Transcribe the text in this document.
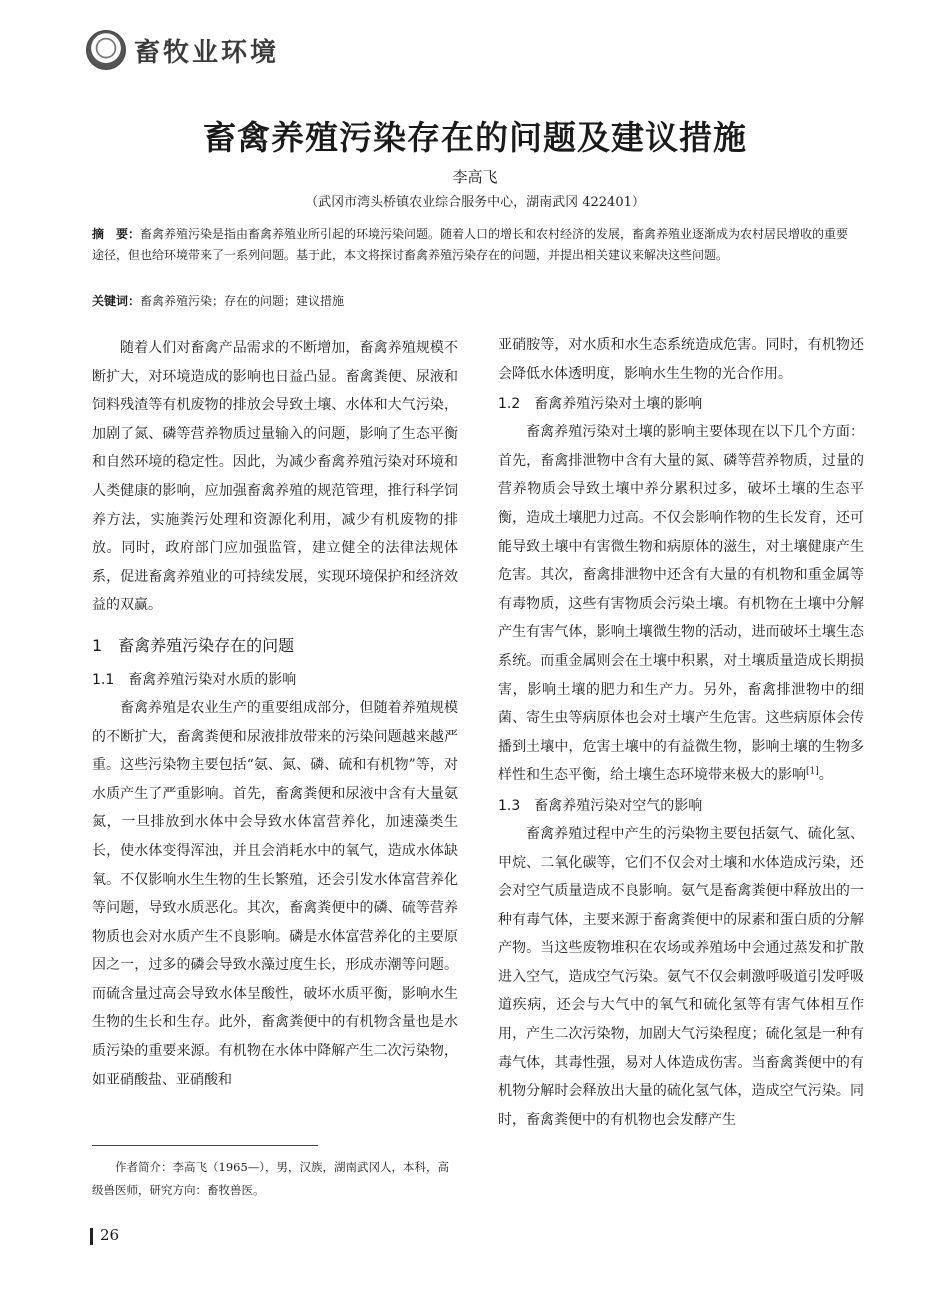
畜牧业环境
畜禽养殖污染存在的问题及建议措施
李高飞
（武冈市湾头桥镇农业综合服务中心，湖南武冈 422401）
摘　要：畜禽养殖污染是指由畜禽养殖业所引起的环境污染问题。随着人口的增长和农村经济的发展，畜禽养殖业逐渐成为农村居民增收的重要途径，但也给环境带来了一系列问题。基于此，本文将探讨畜禽养殖污染存在的问题，并提出相关建议来解决这些问题。
关键词：畜禽养殖污染；存在的问题；建议措施

随着人们对畜禽产品需求的不断增加，畜禽养殖规模不断扩大，对环境造成的影响也日益凸显。畜禽粪便、尿液和饲料残渣等有机废物的排放会导致土壤、水体和大气污染，加剧了氮、磷等营养物质过量输入的问题，影响了生态平衡和自然环境的稳定性。因此，为减少畜禽养殖污染对环境和人类健康的影响，应加强畜禽养殖的规范管理，推行科学饲养方法，实施粪污处理和资源化利用，减少有机废物的排放。同时，政府部门应加强监管，建立健全的法律法规体系，促进畜禽养殖业的可持续发展，实现环境保护和经济效益的双赢。

1　畜禽养殖污染存在的问题
1.1　畜禽养殖污染对水质的影响

畜禽养殖是农业生产的重要组成部分，但随着养殖规模的不断扩大，畜禽粪便和尿液排放带来的污染问题越来越严重。这些污染物主要包括“氨、氮、磷、硫和有机物”等，对水质产生了严重影响。首先，畜禽粪便和尿液中含有大量氨氮，一旦排放到水体中会导致水体富营养化，加速藻类生长，使水体变得浑浊，并且会消耗水中的氧气，造成水体缺氧。不仅影响水生生物的生长繁殖，还会引发水体富营养化等问题，导致水质恶化。其次，畜禽粪便中的磷、硫等营养物质也会对水质产生不良影响。磷是水体富营养化的主要原因之一，过多的磷会导致水藻过度生长，形成赤潮等问题。而硫含量过高会导致水体呈酸性，破坏水质平衡，影响水生生物的生长和生存。此外，畜禽粪便中的有机物含量也是水质污染的重要来源。有机物在水体中降解产生二次污染物，如亚硝酸盐、亚硝酸和

作者简介：李高飞（1965—），男，汉族，湖南武冈人，本科，高级兽医师，研究方向：畜牧兽医。

亚硝胺等，对水质和水生态系统造成危害。同时，有机物还会降低水体透明度，影响水生生物的光合作用。

1.2　畜禽养殖污染对土壤的影响

畜禽养殖污染对土壤的影响主要体现在以下几个方面：首先，畜禽排泄物中含有大量的氮、磷等营养物质，过量的营养物质会导致土壤中养分累积过多，破坏土壤的生态平衡，造成土壤肥力过高。不仅会影响作物的生长发育，还可能导致土壤中有害微生物和病原体的滋生，对土壤健康产生危害。其次，畜禽排泄物中还含有大量的有机物和重金属等有毒物质，这些有害物质会污染土壤。有机物在土壤中分解产生有害气体，影响土壤微生物的活动，进而破坏土壤生态系统。而重金属则会在土壤中积累，对土壤质量造成长期损害，影响土壤的肥力和生产力。另外，畜禽排泄物中的细菌、寄生虫等病原体也会对土壤产生危害。这些病原体会传播到土壤中，危害土壤中的有益微生物，影响土壤的生物多样性和生态平衡，给土壤生态环境带来极大的影响[1]。

1.3　畜禽养殖污染对空气的影响

畜禽养殖过程中产生的污染物主要包括氨气、硫化氢、甲烷、二氧化碳等，它们不仅会对土壤和水体造成污染，还会对空气质量造成不良影响。氨气是畜禽粪便中释放出的一种有毒气体，主要来源于畜禽粪便中的尿素和蛋白质的分解产物。当这些废物堆积在农场或养殖场中会通过蒸发和扩散进入空气，造成空气污染。氨气不仅会刺激呼吸道引发呼吸道疾病，还会与大气中的氧气和硫化氢等有害气体相互作用，产生二次污染物，加剧大气污染程度；硫化氢是一种有毒气体，其毒性强，易对人体造成伤害。当畜禽粪便中的有机物分解时会释放出大量的硫化氢气体，造成空气污染。同时，畜禽粪便中的有机物也会发酵产生

26
